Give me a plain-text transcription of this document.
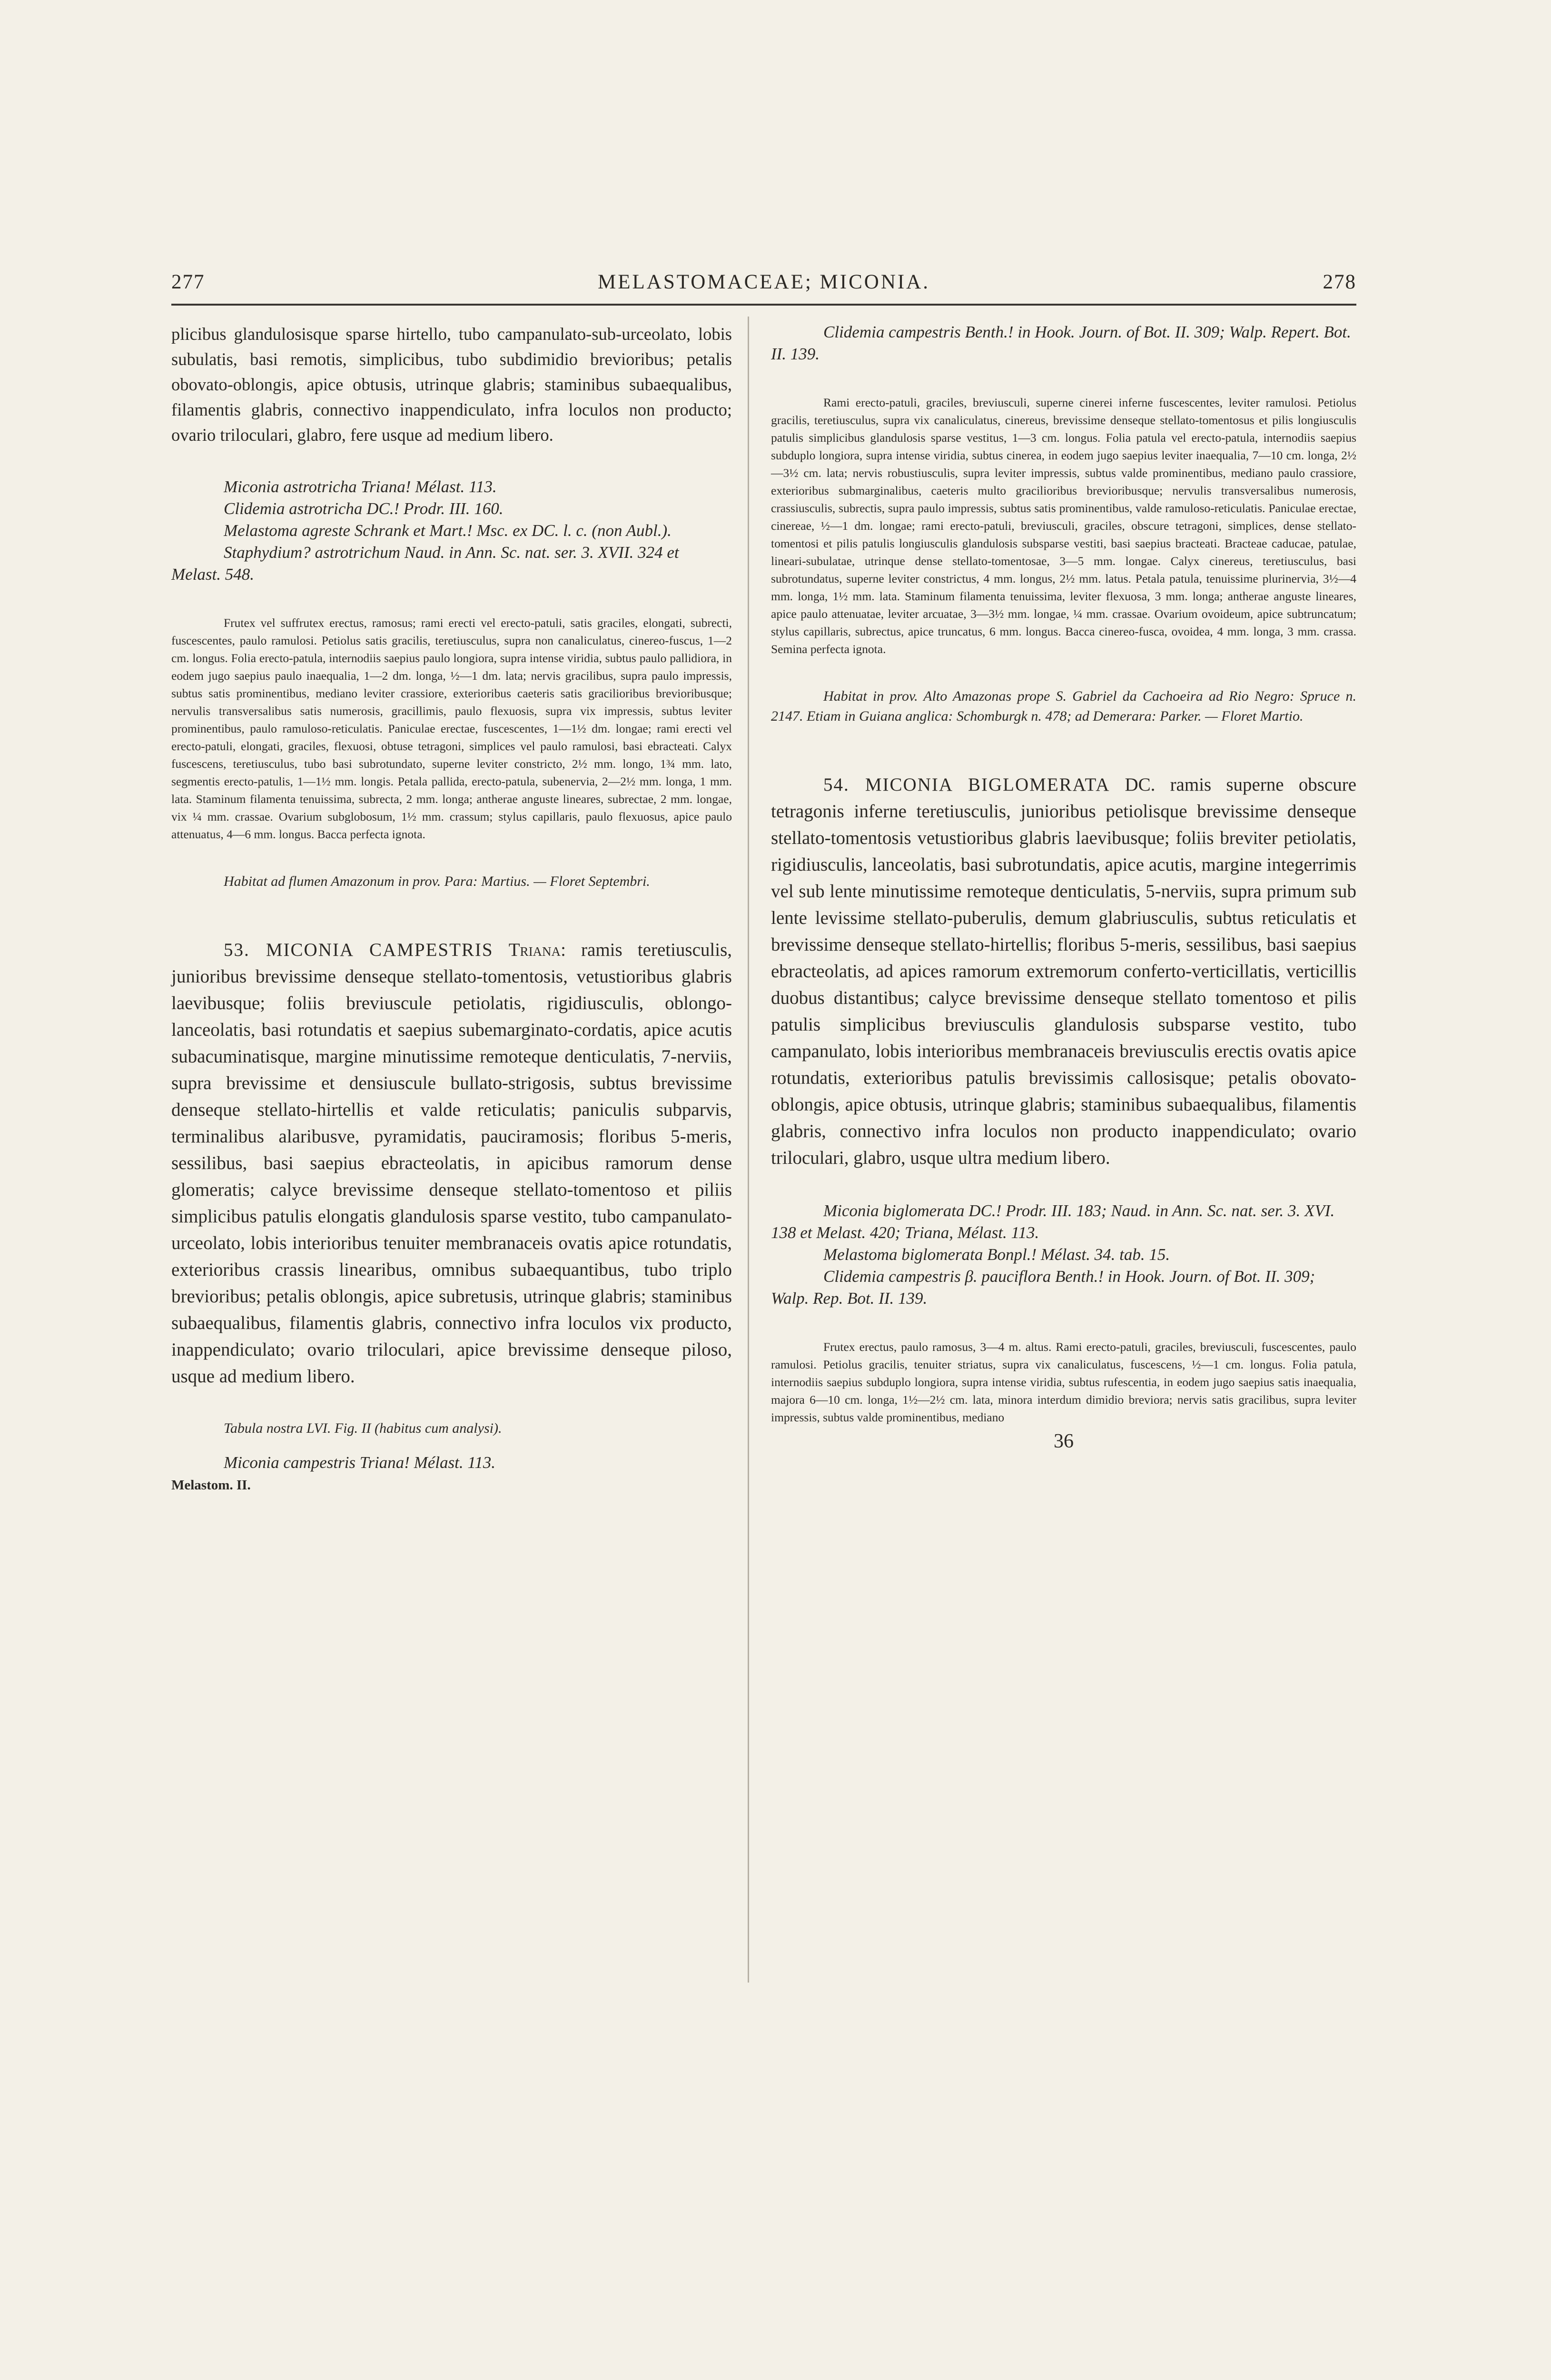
277	MELASTOMACEAE; MICONIA.	278

plicibus glandulosisque sparse hirtello, tubo campanulato-sub-urceolato, lobis subulatis, basi remotis, simplicibus, tubo subdimidio brevioribus; petalis obovato-oblongis, apice obtusis, utrinque glabris; staminibus subaequalibus, filamentis glabris, connectivo inappendiculato, infra loculos non producto; ovario triloculari, glabro, fere usque ad medium libero.

Miconia astrotricha Triana! Mélast. 113.

Clidemia astrotricha DC.! Prodr. III. 160.

Melastoma agreste Schrank et Mart.! Msc. ex DC. l. c. (non Aubl.).

Staphydium? astrotrichum Naud. in Ann. Sc. nat. ser. 3. XVII. 324 et Melast. 548.

Frutex vel suffrutex erectus, ramosus; rami erecti vel erecto-patuli, satis graciles, elongati, subrecti, fuscescentes, paulo ramulosi. Petiolus satis gracilis, teretiusculus, supra non canaliculatus, cinereo-fuscus, 1—2 cm. longus. Folia erecto-patula, internodiis saepius paulo longiora, supra intense viridia, subtus paulo pallidiora, in eodem jugo saepius paulo inaequalia, 1—2 dm. longa, ½—1 dm. lata; nervis gracilibus, supra paulo impressis, subtus satis prominentibus, mediano leviter crassiore, exterioribus caeteris satis gracilioribus brevioribusque; nervulis transversalibus satis numerosis, gracillimis, paulo flexuosis, supra vix impressis, subtus leviter prominentibus, paulo ramuloso-reticulatis. Paniculae erectae, fuscescentes, 1—1½ dm. longae; rami erecti vel erecto-patuli, elongati, graciles, flexuosi, obtuse tetragoni, simplices vel paulo ramulosi, basi ebracteati. Calyx fuscescens, teretiusculus, tubo basi subrotundato, superne leviter constricto, 2½ mm. longo, 1¾ mm. lato, segmentis erecto-patulis, 1—1½ mm. longis. Petala pallida, erecto-patula, subenervia, 2—2½ mm. longa, 1 mm. lata. Staminum filamenta tenuissima, subrecta, 2 mm. longa; antherae anguste lineares, subrectae, 2 mm. longae, vix ¼ mm. crassae. Ovarium subglobosum, 1½ mm. crassum; stylus capillaris, paulo flexuosus, apice paulo attenuatus, 4—6 mm. longus. Bacca perfecta ignota.

Habitat ad flumen Amazonum in prov. Para: Martius. — Floret Septembri.

53. MICONIA CAMPESTRIS Triana: ramis teretiusculis, junioribus brevissime denseque stellato-tomentosis, vetustioribus glabris laevibusque; foliis breviuscule petiolatis, rigidiusculis, oblongo-lanceolatis, basi rotundatis et saepius subemarginato-cordatis, apice acutis subacuminatisque, margine minutissime remoteque denticulatis, 7-nerviis, supra brevissime et densiuscule bullato-strigosis, subtus brevissime denseque stellato-hirtellis et valde reticulatis; paniculis subparvis, terminalibus alaribusve, pyramidatis, pauciramosis; floribus 5-meris, sessilibus, basi saepius ebracteolatis, in apicibus ramorum dense glomeratis; calyce brevissime denseque stellato-tomentoso et piliis simplicibus patulis elongatis glandulosis sparse vestito, tubo campanulato-urceolato, lobis interioribus tenuiter membranaceis ovatis apice rotundatis, exterioribus crassis linearibus, omnibus subaequantibus, tubo triplo brevioribus; petalis oblongis, apice subretusis, utrinque glabris; staminibus subaequalibus, filamentis glabris, connectivo infra loculos vix producto, inappendiculato; ovario triloculari, apice brevissime denseque piloso, usque ad medium libero.

Tabula nostra LVI. Fig. II (habitus cum analysi).

Miconia campestris Triana! Mélast. 113.

Melastom. II.

Clidemia campestris Benth.! in Hook. Journ. of Bot. II. 309; Walp. Repert. Bot. II. 139.

Rami erecto-patuli, graciles, breviusculi, superne cinerei inferne fuscescentes, leviter ramulosi. Petiolus gracilis, teretiusculus, supra vix canaliculatus, cinereus, brevissime denseque stellato-tomentosus et pilis longiusculis patulis simplicibus glandulosis sparse vestitus, 1—3 cm. longus. Folia patula vel erecto-patula, internodiis saepius subduplo longiora, supra intense viridia, subtus cinerea, in eodem jugo saepius leviter inaequalia, 7—10 cm. longa, 2½—3½ cm. lata; nervis robustiusculis, supra leviter impressis, subtus valde prominentibus, mediano paulo crassiore, exterioribus submarginalibus, caeteris multo gracilioribus brevioribusque; nervulis transversalibus numerosis, crassiusculis, subrectis, supra paulo impressis, subtus satis prominentibus, valde ramuloso-reticulatis. Paniculae erectae, cinereae, ½—1 dm. longae; rami erecto-patuli, breviusculi, graciles, obscure tetragoni, simplices, dense stellato-tomentosi et pilis patulis longiusculis glandulosis subsparse vestiti, basi saepius bracteati. Bracteae caducae, patulae, lineari-subulatae, utrinque dense stellato-tomentosae, 3—5 mm. longae. Calyx cinereus, teretiusculus, basi subrotundatus, superne leviter constrictus, 4 mm. longus, 2½ mm. latus. Petala patula, tenuissime plurinervia, 3½—4 mm. longa, 1½ mm. lata. Staminum filamenta tenuissima, leviter flexuosa, 3 mm. longa; antherae anguste lineares, apice paulo attenuatae, leviter arcuatae, 3—3½ mm. longae, ¼ mm. crassae. Ovarium ovoideum, apice subtruncatum; stylus capillaris, subrectus, apice truncatus, 6 mm. longus. Bacca cinereo-fusca, ovoidea, 4 mm. longa, 3 mm. crassa. Semina perfecta ignota.

Habitat in prov. Alto Amazonas prope S. Gabriel da Cachoeira ad Rio Negro: Spruce n. 2147. Etiam in Guiana anglica: Schomburgk n. 478; ad Demerara: Parker. — Floret Martio.

54. MICONIA BIGLOMERATA DC. ramis superne obscure tetragonis inferne teretiusculis, junioribus petiolisque brevissime denseque stellato-tomentosis vetustioribus glabris laevibusque; foliis breviter petiolatis, rigidiusculis, lanceolatis, basi subrotundatis, apice acutis, margine integerrimis vel sub lente minutissime remoteque denticulatis, 5-nerviis, supra primum sub lente levissime stellato-puberulis, demum glabriusculis, subtus reticulatis et brevissime denseque stellato-hirtellis; floribus 5-meris, sessilibus, basi saepius ebracteolatis, ad apices ramorum extremorum conferto-verticillatis, verticillis duobus distantibus; calyce brevissime denseque stellato tomentoso et pilis patulis simplicibus breviusculis glandulosis subsparse vestito, tubo campanulato, lobis interioribus membranaceis breviusculis erectis ovatis apice rotundatis, exterioribus patulis brevissimis callosisque; petalis obovato-oblongis, apice obtusis, utrinque glabris; staminibus subaequalibus, filamentis glabris, connectivo infra loculos non producto inappendiculato; ovario triloculari, glabro, usque ultra medium libero.

Miconia biglomerata DC.! Prodr. III. 183; Naud. in Ann. Sc. nat. ser. 3. XVI. 138 et Melast. 420; Triana, Mélast. 113.

Melastoma biglomerata Bonpl.! Mélast. 34. tab. 15.

Clidemia campestris β. pauciflora Benth.! in Hook. Journ. of Bot. II. 309; Walp. Rep. Bot. II. 139.

Frutex erectus, paulo ramosus, 3—4 m. altus. Rami erecto-patuli, graciles, breviusculi, fuscescentes, paulo ramulosi. Petiolus gracilis, tenuiter striatus, supra vix canaliculatus, fuscescens, ½—1 cm. longus. Folia patula, internodiis saepius subduplo longiora, supra intense viridia, subtus rufescentia, in eodem jugo saepius satis inaequalia, majora 6—10 cm. longa, 1½—2½ cm. lata, minora interdum dimidio breviora; nervis satis gracilibus, supra leviter impressis, subtus valde prominentibus, mediano

36
